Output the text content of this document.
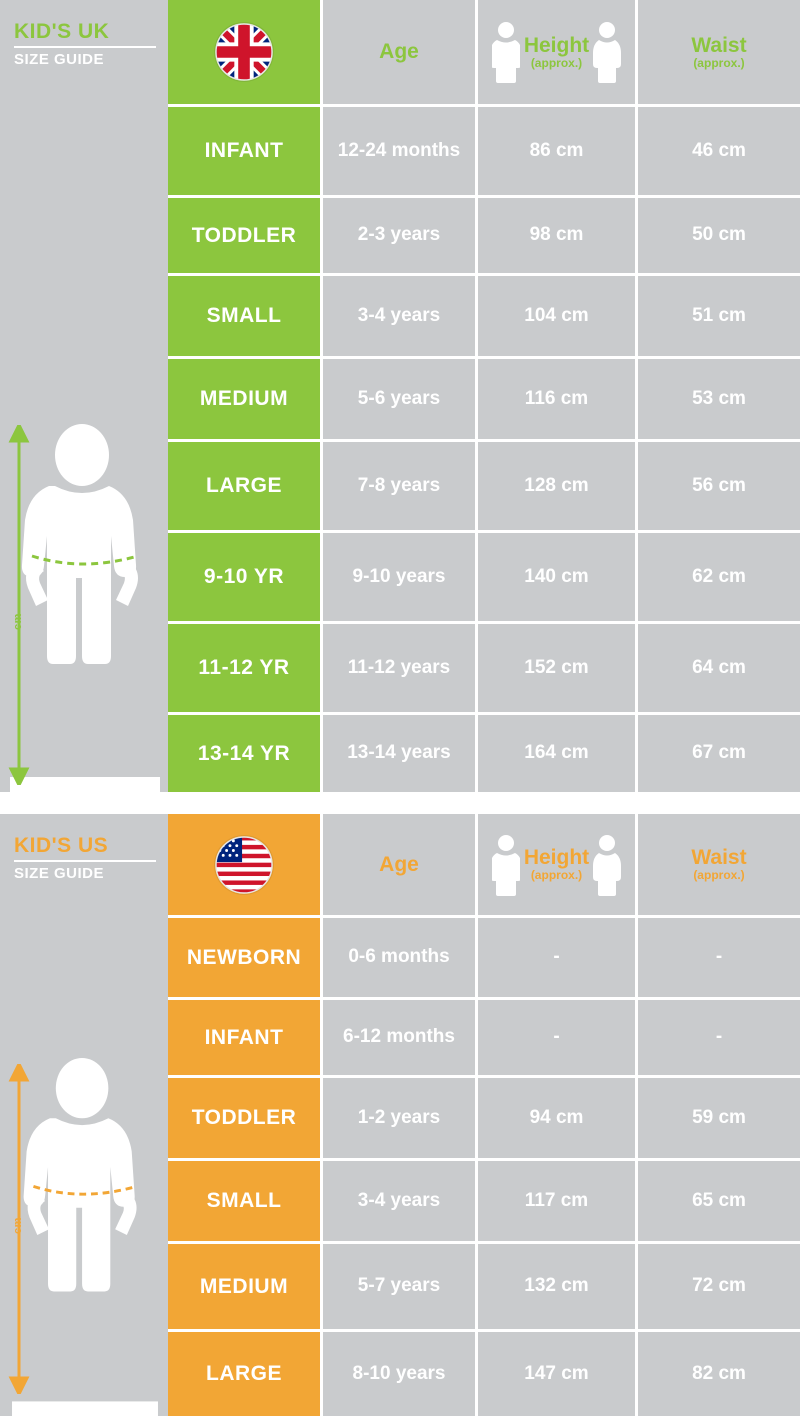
KID'S UK
SIZE GUIDE
cm
Age	Height
(approx.)
Waist
(approx.)
INFANT	12-24 months	86 cm	46 cm
TODDLER	2-3 years	98 cm	50 cm
SMALL	3-4 years	104 cm	51 cm
MEDIUM	5-6 years	116 cm	53 cm
LARGE	7-8 years	128 cm	56 cm
9-10 YR	9-10 years	140 cm	62 cm
11-12 YR	11-12 years	152 cm	64 cm
13-14 YR	13-14 years	164 cm	67 cm
KID'S US
SIZE GUIDE
cm
Age	Height
(approx.)
Waist
(approx.)
NEWBORN	0-6 months	-	-
INFANT	6-12 months	-	-
TODDLER	1-2 years	94 cm	59 cm
SMALL	3-4 years	117 cm	65 cm
MEDIUM	5-7 years	132 cm	72 cm
LARGE	8-10 years	147 cm	82 cm
